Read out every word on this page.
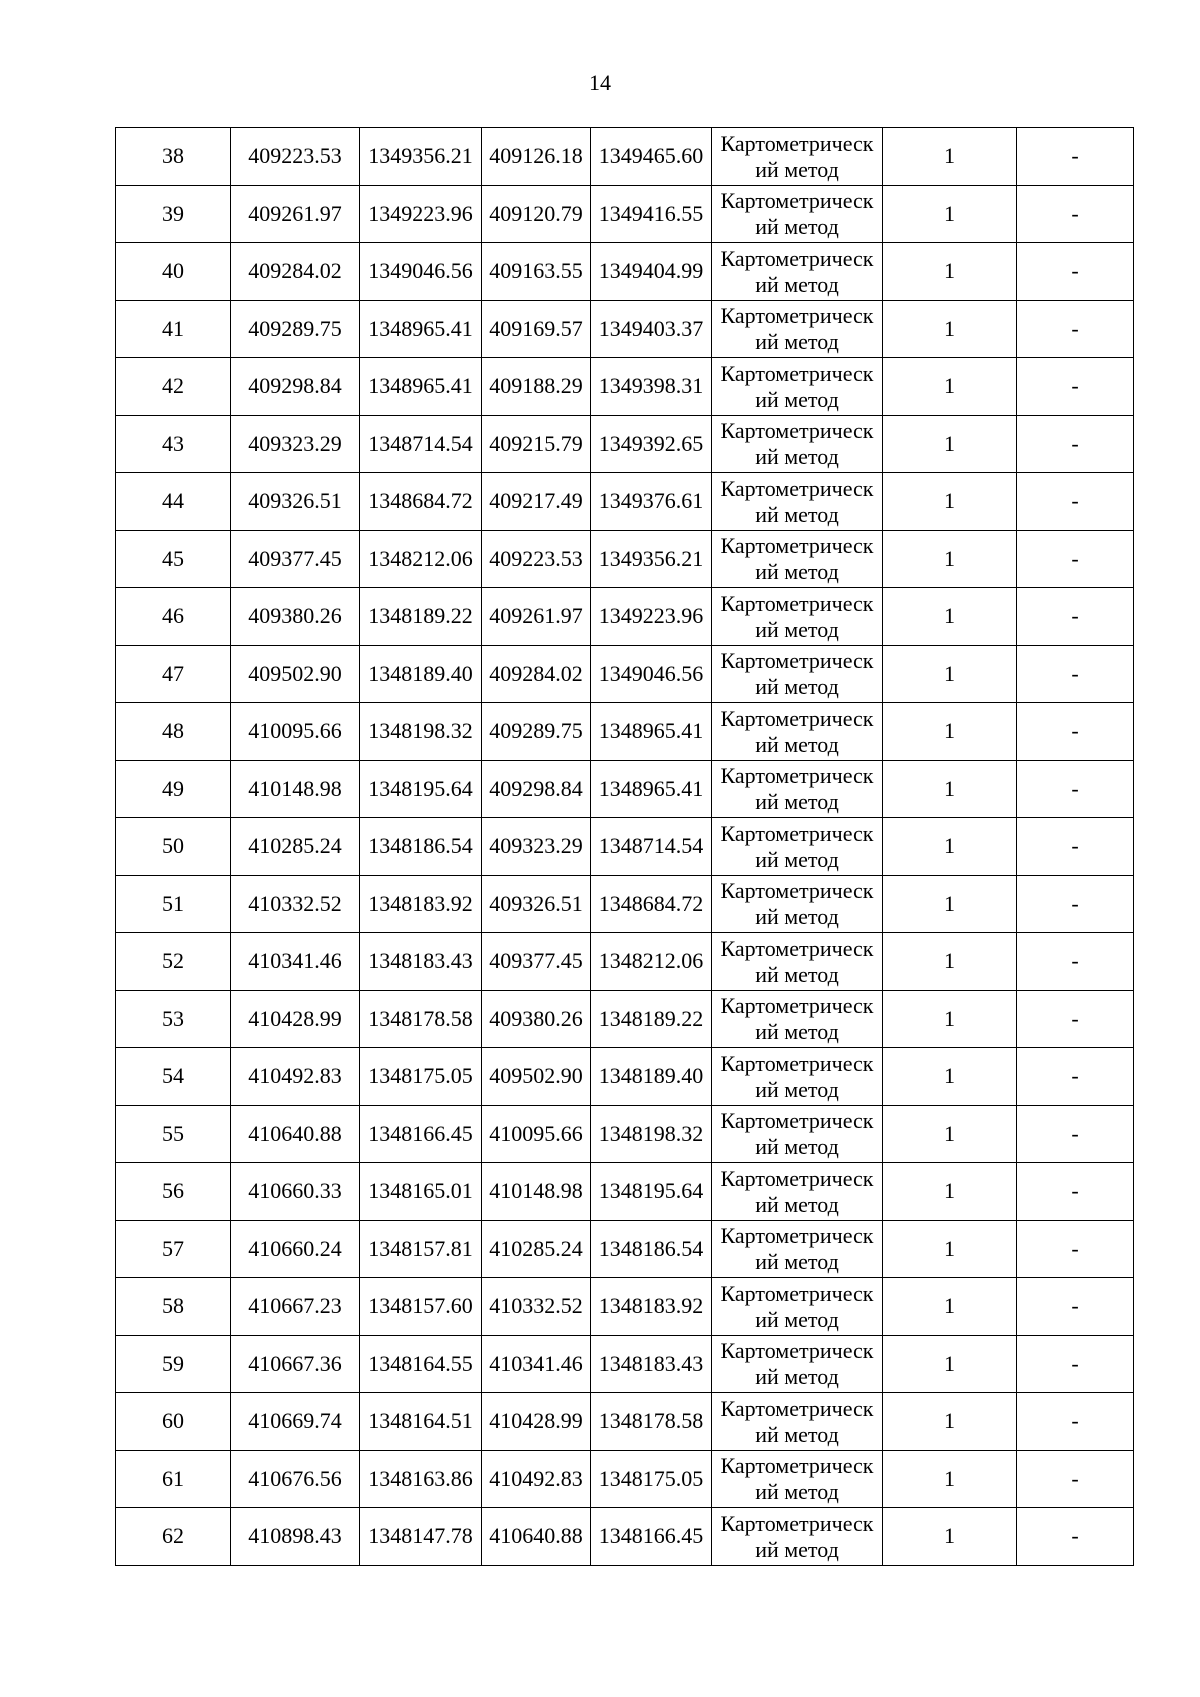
14
38	409223.53	1349356.21	409126.18	1349465.60	Картометрическ
ий метод	1	-
39	409261.97	1349223.96	409120.79	1349416.55	Картометрическ
ий метод	1	-
40	409284.02	1349046.56	409163.55	1349404.99	Картометрическ
ий метод	1	-
41	409289.75	1348965.41	409169.57	1349403.37	Картометрическ
ий метод	1	-
42	409298.84	1348965.41	409188.29	1349398.31	Картометрическ
ий метод	1	-
43	409323.29	1348714.54	409215.79	1349392.65	Картометрическ
ий метод	1	-
44	409326.51	1348684.72	409217.49	1349376.61	Картометрическ
ий метод	1	-
45	409377.45	1348212.06	409223.53	1349356.21	Картометрическ
ий метод	1	-
46	409380.26	1348189.22	409261.97	1349223.96	Картометрическ
ий метод	1	-
47	409502.90	1348189.40	409284.02	1349046.56	Картометрическ
ий метод	1	-
48	410095.66	1348198.32	409289.75	1348965.41	Картометрическ
ий метод	1	-
49	410148.98	1348195.64	409298.84	1348965.41	Картометрическ
ий метод	1	-
50	410285.24	1348186.54	409323.29	1348714.54	Картометрическ
ий метод	1	-
51	410332.52	1348183.92	409326.51	1348684.72	Картометрическ
ий метод	1	-
52	410341.46	1348183.43	409377.45	1348212.06	Картометрическ
ий метод	1	-
53	410428.99	1348178.58	409380.26	1348189.22	Картометрическ
ий метод	1	-
54	410492.83	1348175.05	409502.90	1348189.40	Картометрическ
ий метод	1	-
55	410640.88	1348166.45	410095.66	1348198.32	Картометрическ
ий метод	1	-
56	410660.33	1348165.01	410148.98	1348195.64	Картометрическ
ий метод	1	-
57	410660.24	1348157.81	410285.24	1348186.54	Картометрическ
ий метод	1	-
58	410667.23	1348157.60	410332.52	1348183.92	Картометрическ
ий метод	1	-
59	410667.36	1348164.55	410341.46	1348183.43	Картометрическ
ий метод	1	-
60	410669.74	1348164.51	410428.99	1348178.58	Картометрическ
ий метод	1	-
61	410676.56	1348163.86	410492.83	1348175.05	Картометрическ
ий метод	1	-
62	410898.43	1348147.78	410640.88	1348166.45	Картометрическ
ий метод	1	-
